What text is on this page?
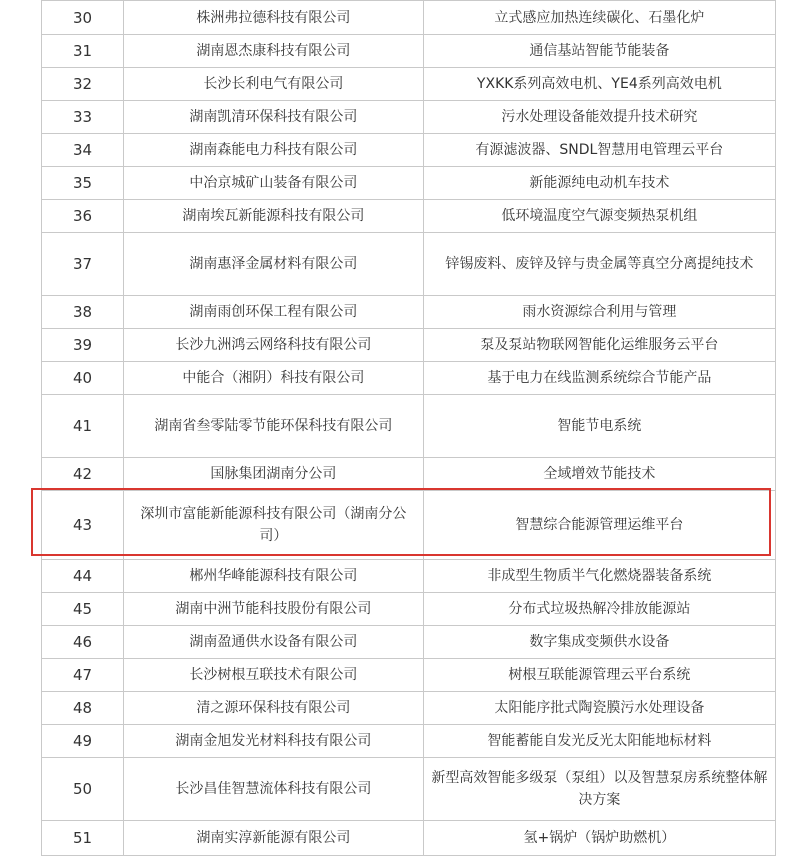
30	株洲弗拉德科技有限公司	立式感应加热连续碳化、石墨化炉
31	湖南恩杰康科技有限公司	通信基站智能节能装备
32	长沙长利电气有限公司	YXKK系列高效电机、YE4系列高效电机
33	湖南凯清环保科技有限公司	污水处理设备能效提升技术研究
34	湖南森能电力科技有限公司	有源滤波器、SNDL智慧用电管理云平台
35	中冶京城矿山装备有限公司	新能源纯电动机车技术
36	湖南埃瓦新能源科技有限公司	低环境温度空气源变频热泵机组
37	湖南惠泽金属材料有限公司	锌锡废料、废锌及锌与贵金属等真空分离提纯技术
38	湖南雨创环保工程有限公司	雨水资源综合利用与管理
39	长沙九洲鸿云网络科技有限公司	泵及泵站物联网智能化运维服务云平台
40	中能合（湘阴）科技有限公司	基于电力在线监测系统综合节能产品
41	湖南省叁零陆零节能环保科技有限公司	智能节电系统
42	国脉集团湖南分公司	全域增效节能技术
43	深圳市富能新能源科技有限公司（湖南分公司）	智慧综合能源管理运维平台
44	郴州华峰能源科技有限公司	非成型生物质半气化燃烧器装备系统
45	湖南中洲节能科技股份有限公司	分布式垃圾热解冷排放能源站
46	湖南盈通供水设备有限公司	数字集成变频供水设备
47	长沙树根互联技术有限公司	树根互联能源管理云平台系统
48	清之源环保科技有限公司	太阳能序批式陶瓷膜污水处理设备
49	湖南金旭发光材料科技有限公司	智能蓄能自发光反光太阳能地标材料
50	长沙昌佳智慧流体科技有限公司	新型高效智能多级泵（泵组）以及智慧泵房系统整体解决方案
51	湖南实淳新能源有限公司	氢+锅炉（锅炉助燃机）
